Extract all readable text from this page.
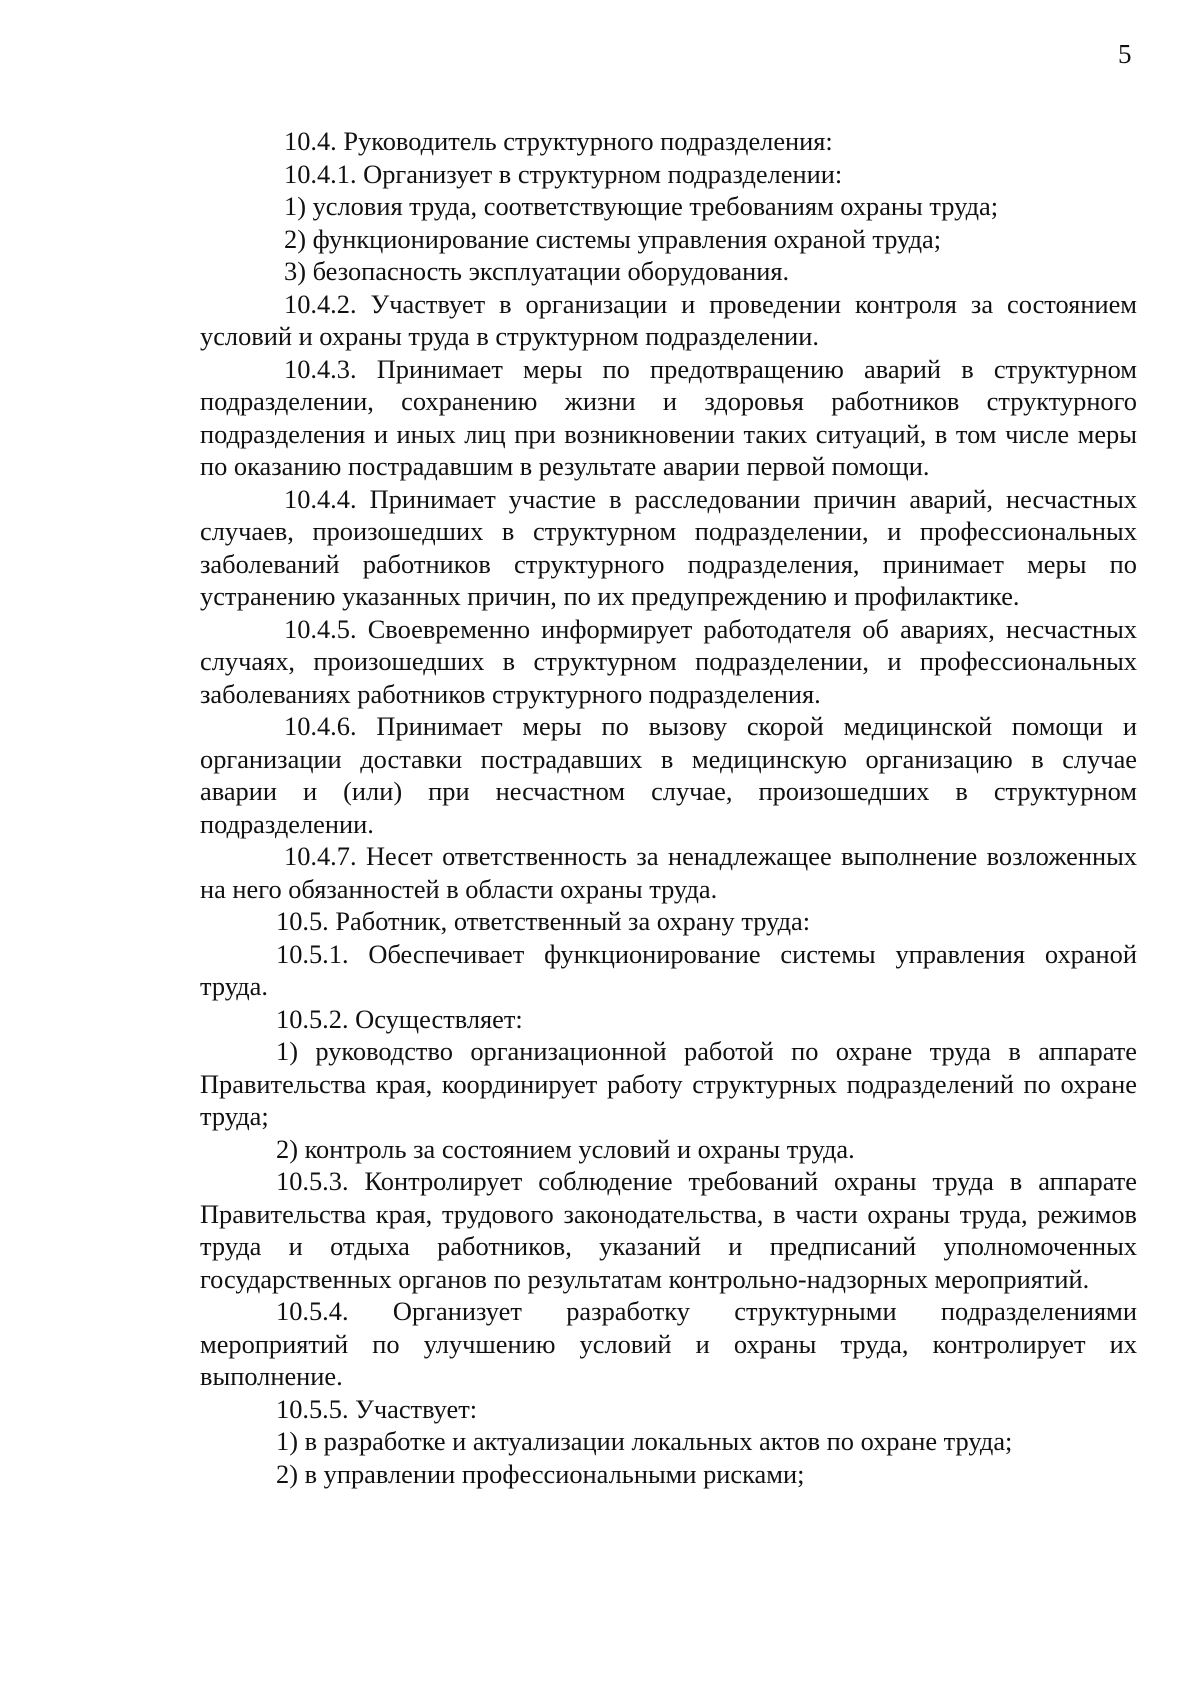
5

10.4. Руководитель структурного подразделения:

10.4.1. Организует в структурном подразделении:

1) условия труда, соответствующие требованиям охраны труда;

2) функционирование системы управления охраной труда;

3) безопасность эксплуатации оборудования.

10.4.2. Участвует в организации и проведении контроля за состоянием условий и охраны труда в структурном подразделении.

10.4.3. Принимает меры по предотвращению аварий в структурном подразделении, сохранению жизни и здоровья работников структурного подразделения и иных лиц при возникновении таких ситуаций, в том числе меры по оказанию пострадавшим в результате аварии первой помощи.

10.4.4. Принимает участие в расследовании причин аварий, несчастных случаев, произошедших в структурном подразделении, и профессиональных заболеваний работников структурного подразделения, принимает меры по устранению указанных причин, по их предупреждению и профилактике.

10.4.5. Своевременно информирует работодателя об авариях, несчастных случаях, произошедших в структурном подразделении, и профессиональных заболеваниях работников структурного подразделения.

10.4.6. Принимает меры по вызову скорой медицинской помощи и организации доставки пострадавших в медицинскую организацию в случае аварии и (или) при несчастном случае, произошедших в структурном подразделении.

10.4.7. Несет ответственность за ненадлежащее выполнение возложенных на него обязанностей в области охраны труда.

10.5. Работник, ответственный за охрану труда:

10.5.1. Обеспечивает функционирование системы управления охраной труда.

10.5.2. Осуществляет:

1) руководство организационной работой по охране труда в аппарате Правительства края, координирует работу структурных подразделений по охране труда;

2) контроль за состоянием условий и охраны труда.

10.5.3. Контролирует соблюдение требований охраны труда в аппарате Правительства края, трудового законодательства, в части охраны труда, режимов труда и отдыха работников, указаний и предписаний уполномоченных государственных органов по результатам контрольно-надзорных мероприятий.

10.5.4. Организует разработку структурными подразделениями мероприятий по улучшению условий и охраны труда, контролирует их выполнение.

10.5.5. Участвует:

1) в разработке и актуализации локальных актов по охране труда;

2) в управлении профессиональными рисками;
